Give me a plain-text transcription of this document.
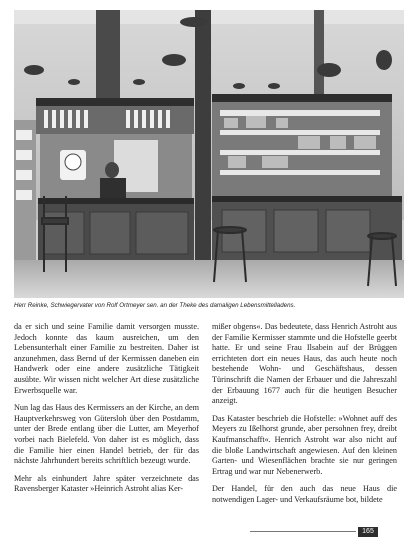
Herr Reinke, Schwiegervater von Rolf Ortmeyer sen. an der Theke des damaligen Lebensmittelladens.

da er sich und seine Familie damit versorgen musste. Jedoch konnte das kaum ausreichen, um den Lebensunterhalt einer Familie zu bestreiten. Daher ist anzunehmen, dass Bernd uf der Kermissen daneben ein Handwerk oder eine andere zusätzliche Tätigkeit ausübte. Wir wissen nicht welcher Art diese zusätzliche Erwerbsquelle war.

Nun lag das Haus des Kermissers an der Kirche, an dem Hauptverkehrsweg von Gütersloh über den Postdamm, unter der Brede entlang über die Lutter, am Meyerhof vorbei nach Bielefeld. Von daher ist es möglich, dass die Familie hier einen Handel betrieb, der für das nächste Jahrhundert bereits schriftlich bezeugt wurde.

Mehr als einhundert Jahre später verzeichnete das Ravensberger Kataster »Heinrich Astroht alias Ker-

mißer obgens«. Das bedeutete, dass Henrich Astroht aus der Familie Kermisser stammte und die Hofstelle geerbt hatte. Er und seine Frau Ilsabein auf der Brüggen errichteten dort ein neues Haus, das auch heute noch bestehende Wohn- und Geschäftshaus, dessen Türinschrift die Namen der Erbauer und die Jahreszahl der Erbauung 1677 auch für die heutigen Besucher anzeigt.

Das Kataster beschrieb die Hofstelle: »Wohnet auff des Meyers zu Ißelhorst grunde, aber persohnen frey, dreibt Kaufmanschafft«. Henrich Astroht war also nicht auf die bloße Landwirtschaft angewiesen. Auf den kleinen Garten- und Wiesenflächen brachte sie nur geringen Ertrag und war nur Nebenerwerb.

Der Handel, für den auch das neue Haus die notwendigen Lager- und Verkaufsräume bot, bildete

165
